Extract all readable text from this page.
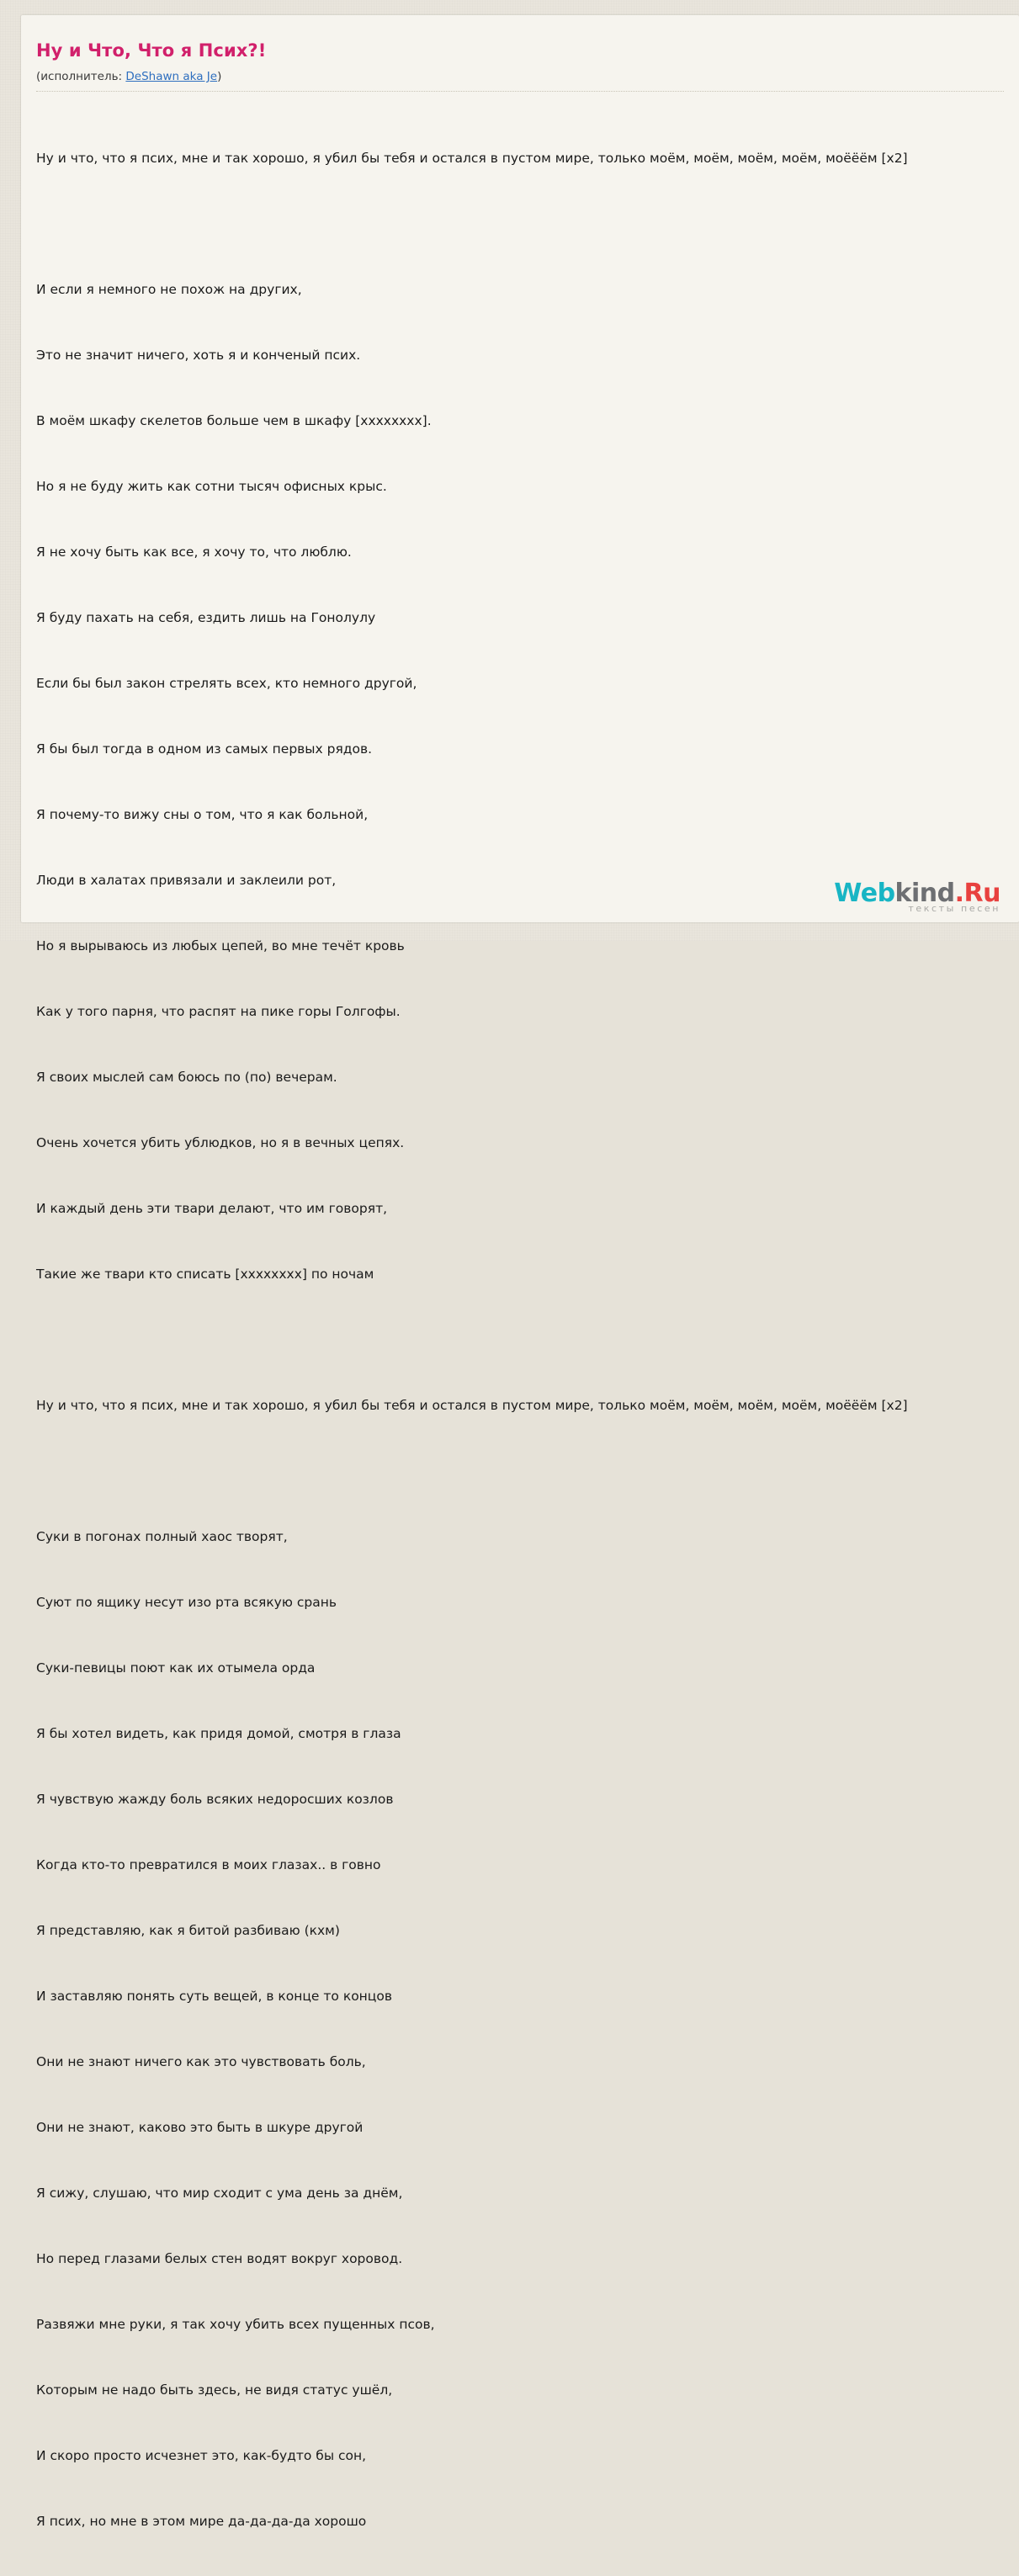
Ну и Что, Что я Псих?!
(исполнитель: DeShawn aka Je)

Ну и что, что я псих, мне и так хорошо, я убил бы тебя и остался в пустом мире, только моём, моём, моём, моём, моёёём [x2]

И если я немного не похож на других,

Это не значит ничего, хоть я и конченый псих.

В моём шкафу скелетов больше чем в шкафу [xxxxxxxx].

Но я не буду жить как сотни тысяч офисных крыс.

Я не хочу быть как все, я хочу то, что люблю.

Я буду пахать на себя, ездить лишь на Гонолулу

Если бы был закон стрелять всех, кто немного другой,

Я бы был тогда в одном из самых первых рядов.

Я почему-то вижу сны о том, что я как больной,

Люди в халатах привязали и заклеили рот,

Но я вырываюсь из любых цепей, во мне течёт кровь

Как у того парня, что распят на пике горы Голгофы.

Я своих мыслей сам боюсь по (по) вечерам.

Очень хочется убить ублюдков, но я в вечных цепях.

И каждый день эти твари делают, что им говорят,

Такие же твари кто списать [xxxxxxxx] по ночам

Ну и что, что я псих, мне и так хорошо, я убил бы тебя и остался в пустом мире, только моём, моём, моём, моём, моёёём [x2]

Суки в погонах полный хаос творят,

Суют по ящику несут изо рта всякую срань

Суки-певицы поют как их отымела орда

Я бы хотел видеть, как придя домой, смотря в глаза

Я чувствую жажду боль всяких недоросших козлов

Когда кто-то превратился в моих глазах.. в говно

Я представляю, как я битой разбиваю (кхм)

И заставляю понять суть вещей, в конце то концов

Они не знают ничего как это чувствовать боль,

Они не знают, каково это быть в шкуре другой

Я сижу, слушаю, что мир сходит с ума день за днём,

Но перед глазами белых стен водят вокруг хоровод.

Развяжи мне руки, я так хочу убить всех пущенных псов,

Которым не надо быть здесь, не видя статус ушёл,

И скоро просто исчезнет это, как-будто бы сон,

Я псих, но мне в этом мире да-да-да-да хорошо

Webkind.Ru
тексты песен
